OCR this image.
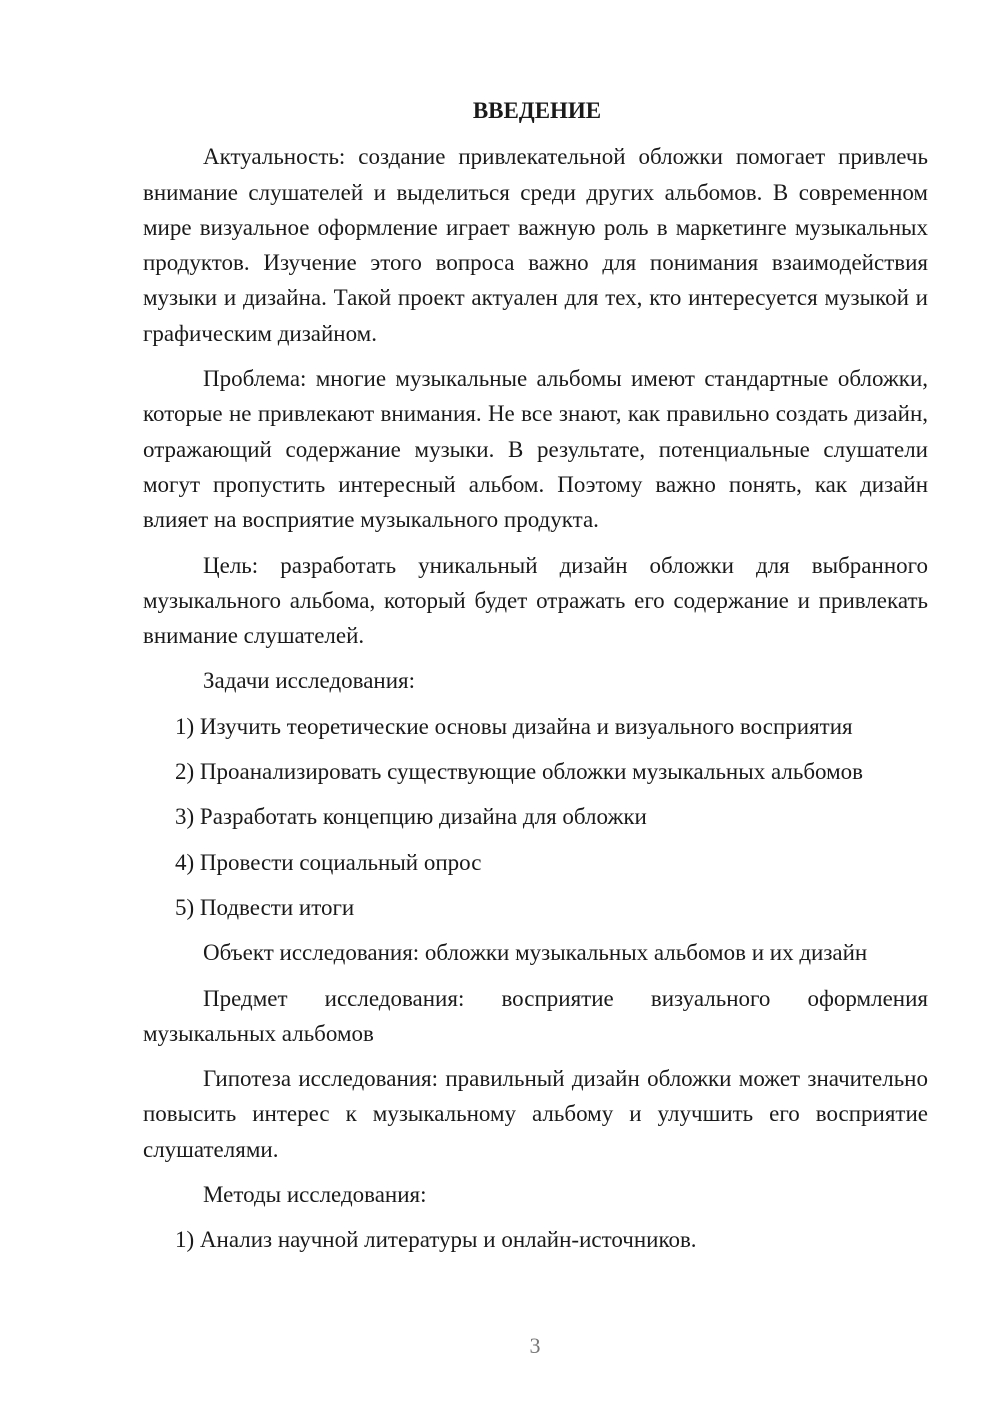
ВВЕДЕНИЕ

Актуальность: создание привлекательной обложки помогает привлечь внимание слушателей и выделиться среди других альбомов. В современном мире визуальное оформление играет важную роль в маркетинге музыкальных продуктов. Изучение этого вопроса важно для понимания взаимодействия музыки и дизайна. Такой проект актуален для тех, кто интересуется музыкой и графическим дизайном.

Проблема: многие музыкальные альбомы имеют стандартные обложки, которые не привлекают внимания. Не все знают, как правильно создать дизайн, отражающий содержание музыки. В результате, потенциальные слушатели могут пропустить интересный альбом. Поэтому важно понять, как дизайн влияет на восприятие музыкального продукта.

Цель: разработать уникальный дизайн обложки для выбранного музыкального альбома, который будет отражать его содержание и привлекать внимание слушателей.

Задачи исследования:

1) Изучить теоретические основы дизайна и визуального восприятия

2) Проанализировать существующие обложки музыкальных альбомов

3) Разработать концепцию дизайна для обложки

4) Провести социальный опрос

5) Подвести итоги

Объект исследования: обложки музыкальных альбомов и их дизайн

Предмет исследования: восприятие визуального оформления музыкальных альбомов

Гипотеза исследования: правильный дизайн обложки может значительно повысить интерес к музыкальному альбому и улучшить его восприятие слушателями.

Методы исследования:

1) Анализ научной литературы и онлайн-источников.

3
